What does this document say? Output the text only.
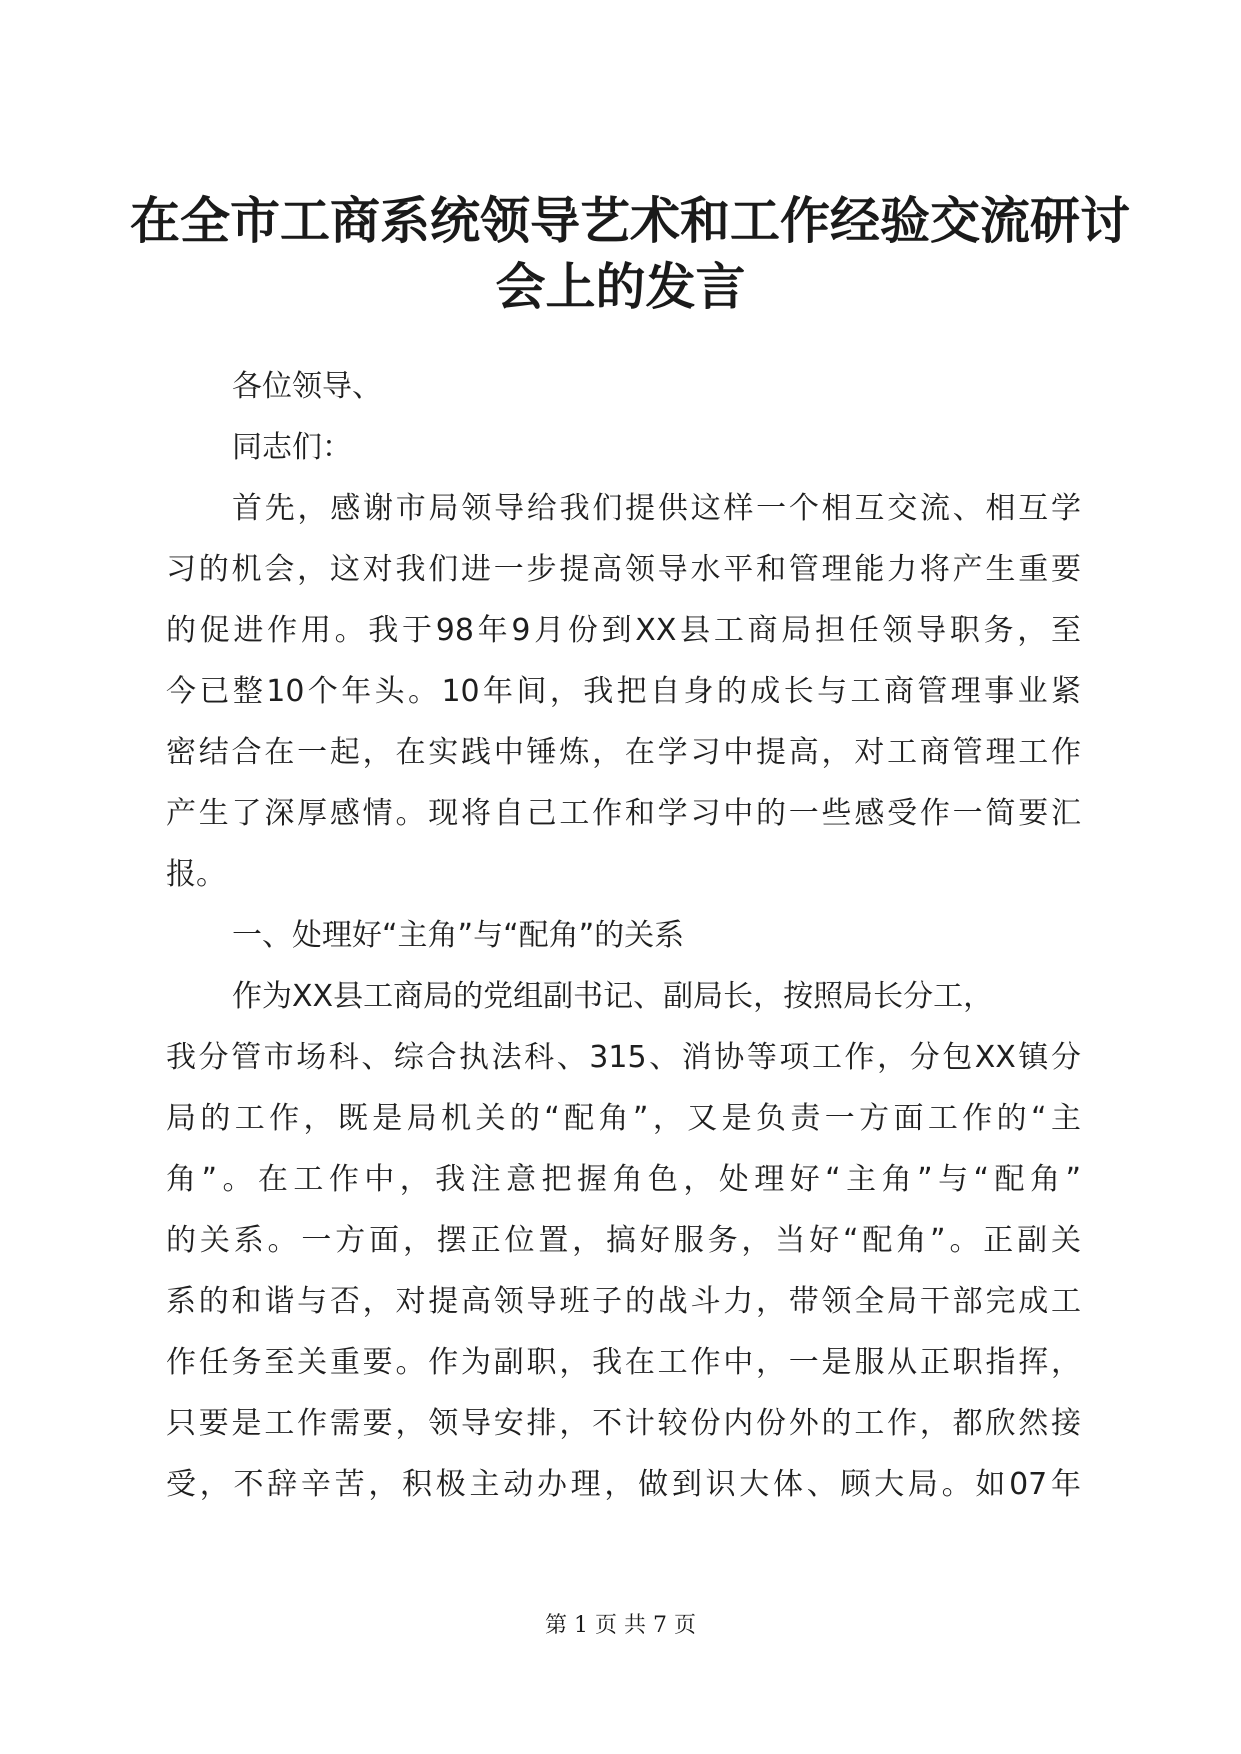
在全市工商系统领导艺术和工作经验交流研讨
会上的发言
各位领导、
同志们：
首先，感谢市局领导给我们提供这样一个相互交流、相互学
习的机会，这对我们进一步提高领导水平和管理能力将产生重要
的促进作用。我于98年9月份到XX县工商局担任领导职务，至
今已整10个年头。10年间，我把自身的成长与工商管理事业紧
密结合在一起，在实践中锤炼，在学习中提高，对工商管理工作
产生了深厚感情。现将自己工作和学习中的一些感受作一简要汇
报。
一、处理好“主角”与“配角”的关系
作为XX县工商局的党组副书记、副局长，按照局长分工，
我分管市场科、综合执法科、315、消协等项工作，分包XX镇分
局的工作，既是局机关的“配角”，又是负责一方面工作的“主
角”。在工作中，我注意把握角色，处理好“主角”与“配角”
的关系。一方面，摆正位置，搞好服务，当好“配角”。正副关
系的和谐与否，对提高领导班子的战斗力，带领全局干部完成工
作任务至关重要。作为副职，我在工作中，一是服从正职指挥，
只要是工作需要，领导安排，不计较份内份外的工作，都欣然接
受，不辞辛苦，积极主动办理，做到识大体、顾大局。如07年
第 1 页 共 7 页
